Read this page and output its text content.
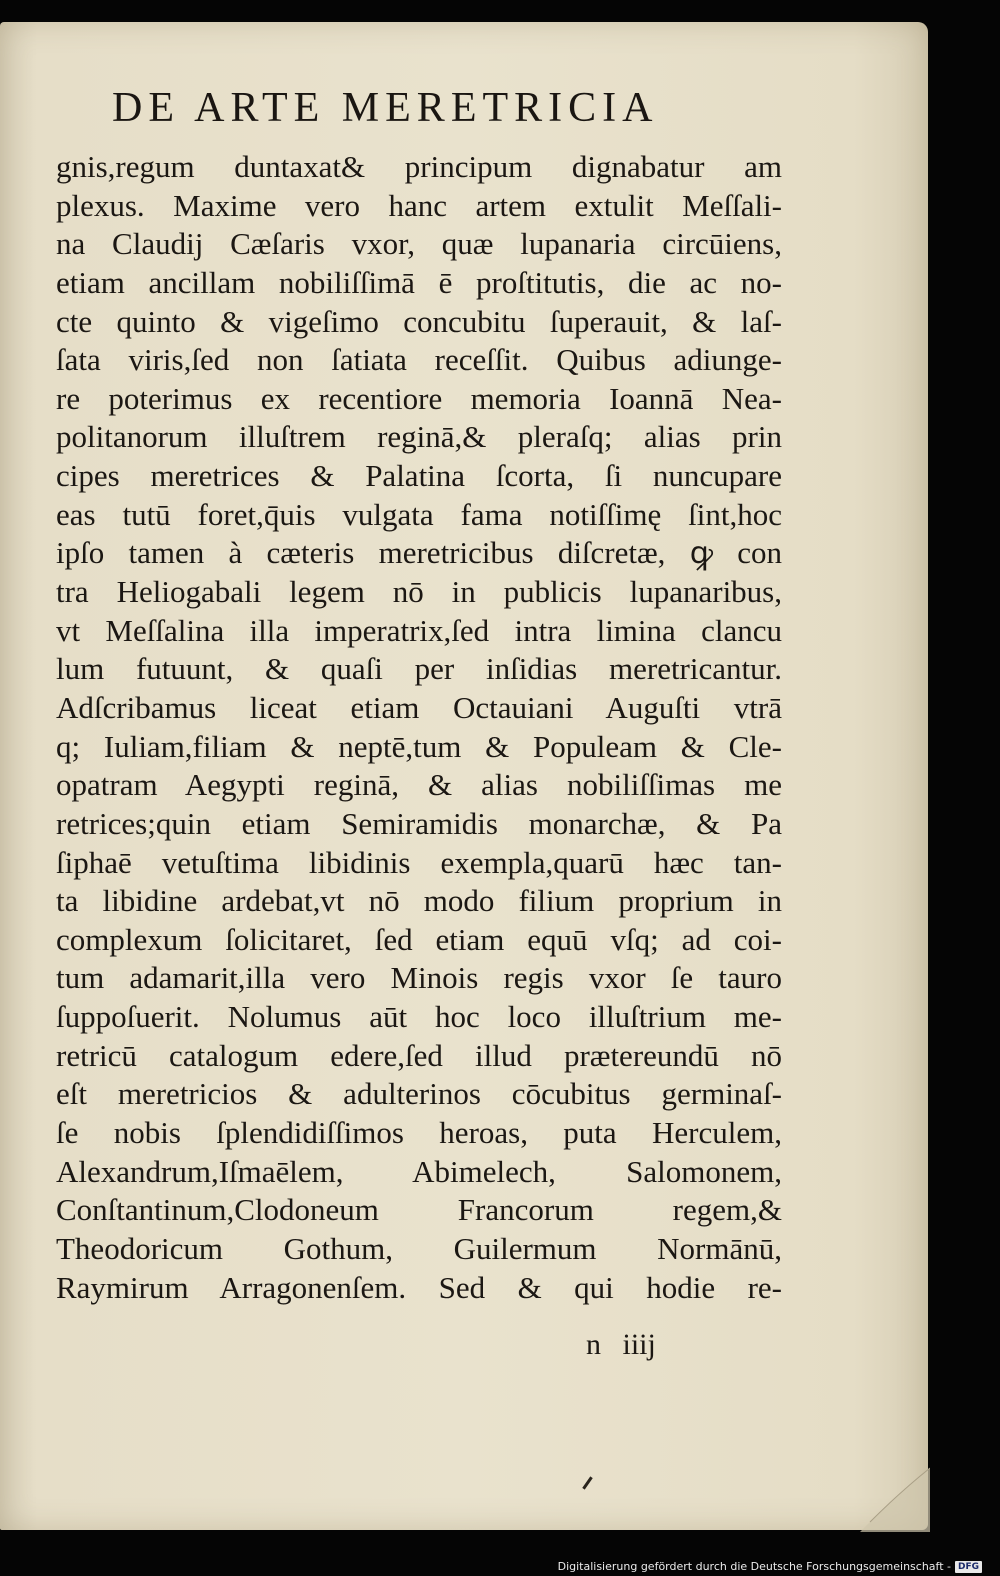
DE ARTE MERETRICIA
gnis,regum duntaxat& principum dignabatur am
plexus. Maxime vero hanc artem extulit Meſſali-
na Claudij Cæſaris vxor, quæ lupanaria circūiens,
etiam ancillam nobiliſſimā ē proſtitutis, die ac no-
cte quinto & vigeſimo concubitu ſuperauit, & laſ-
ſata viris,ſed non ſatiata receſſit. Quibus adiunge-
re poterimus ex recentiore memoria Ioannā Nea-
politanorum illuſtrem reginā,& pleraſq; alias prin
cipes meretrices & Palatina ſcorta, ſi nuncupare
eas tutū foret,q̄uis vulgata fama notiſſimę ſint,hoc
ipſo tamen à cæteris meretricibus diſcretæ, ꝙ con
tra Heliogabali legem nō in publicis lupanaribus,
vt Meſſalina illa imperatrix,ſed intra limina clancu
lum futuunt, & quaſi per inſidias meretricantur.
Adſcribamus liceat etiam Octauiani Auguſti vtrā
q; Iuliam,filiam & neptē,tum & Populeam & Cle-
opatram Aegypti reginā, & alias nobiliſſimas me
retrices;quin etiam Semiramidis monarchæ, & Pa
ſiphaē vetuſtima libidinis exempla,quarū hæc tan-
ta libidine ardebat,vt nō modo filium proprium in
complexum ſolicitaret, ſed etiam equū vſq; ad coi-
tum adamarit,illa vero Minois regis vxor ſe tauro
ſuppoſuerit. Nolumus aūt hoc loco illuſtrium me-
retricū catalogum edere,ſed illud prætereundū nō
eſt meretricios & adulterinos cōcubitus germinaſ-
ſe nobis ſplendidiſſimos heroas, puta Herculem,
Alexandrum,Iſmaēlem, Abimelech, Salomonem,
Conſtantinum,Clodoneum Francorum regem,&
Theodoricum Gothum, Guilermum Normānū,
Raymirum Arragonenſem. Sed & qui hodie re-
n iiij
Digitalisierung gefördert durch die Deutsche Forschungsgemeinschaft - DFG
